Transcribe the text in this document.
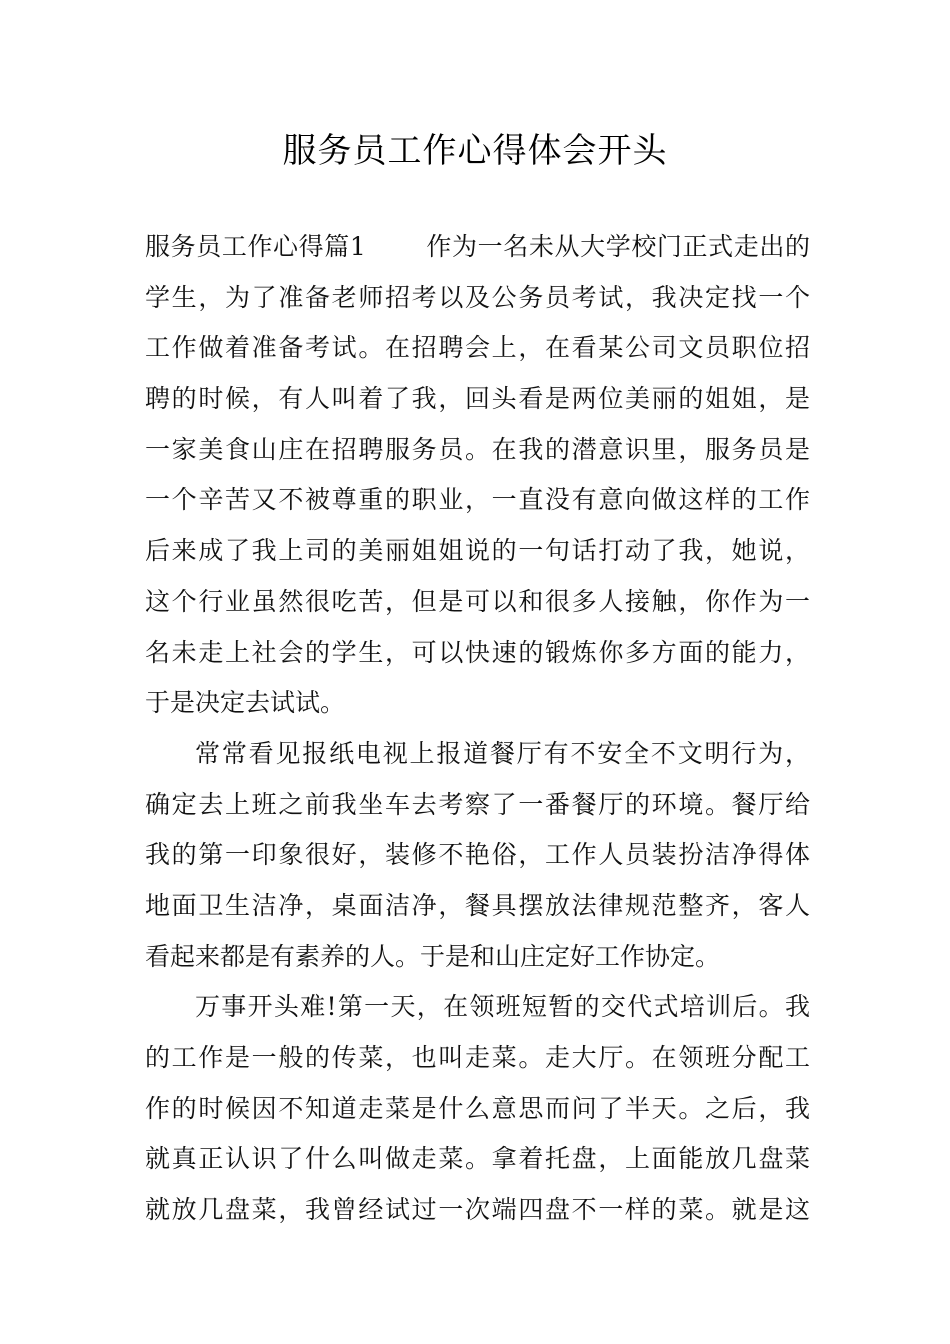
服务员工作心得体会开头
服务员工作心得篇1 作为一名未从大学校门正式走出的
学生，为了准备老师招考以及公务员考试，我决定找一个
工作做着准备考试。在招聘会上，在看某公司文员职位招
聘的时候，有人叫着了我，回头看是两位美丽的姐姐，是
一家美食山庄在招聘服务员。在我的潜意识里，服务员是
一个辛苦又不被尊重的职业，一直没有意向做这样的工作
后来成了我上司的美丽姐姐说的一句话打动了我，她说，
这个行业虽然很吃苦，但是可以和很多人接触，你作为一
名未走上社会的学生，可以快速的锻炼你多方面的能力，
于是决定去试试。
常常看见报纸电视上报道餐厅有不安全不文明行为，
确定去上班之前我坐车去考察了一番餐厅的环境。餐厅给
我的第一印象很好，装修不艳俗，工作人员装扮洁净得体
地面卫生洁净，桌面洁净，餐具摆放法律规范整齐，客人
看起来都是有素养的人。于是和山庄定好工作协定。
万事开头难!第一天，在领班短暂的交代式培训后。我
的工作是一般的传菜，也叫走菜。走大厅。在领班分配工
作的时候因不知道走菜是什么意思而问了半天。之后，我
就真正认识了什么叫做走菜。拿着托盘，上面能放几盘菜
就放几盘菜，我曾经试过一次端四盘不一样的菜。就是这
